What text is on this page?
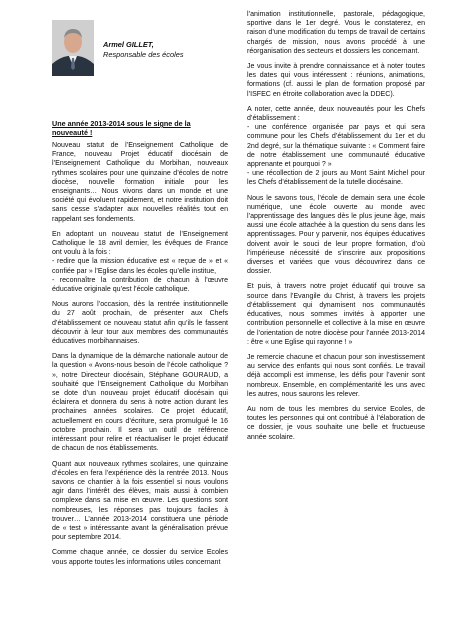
Armel GILLET,
Responsable des écoles
Une année 2013-2014 sous le signe de la nouveauté !

Nouveau statut de l’Enseignement Catholique de France, nouveau Projet éducatif diocésain de l’Enseignement Catholique du Morbihan, nouveaux rythmes scolaires pour une quinzaine d’écoles de notre diocèse, nouvelle formation initiale pour les enseignants… Nous vivons dans un monde et une société qui évoluent rapidement, et notre institution doit sans cesse s’adapter aux nouvelles réalités tout en rappelant ses fondements.

En adoptant un nouveau statut de l’Enseignement Catholique le 18 avril dernier, les évêques de France ont voulu à la fois :

- redire que la mission éducative est « reçue de » et « confiée par » l’Eglise dans les écoles qu’elle institue,
- reconnaître la contribution de chacun à l’œuvre éducative originale qu’est l’école catholique.

Nous aurons l’occasion, dès la rentrée institutionnelle du 27 août prochain, de présenter aux Chefs d’établissement ce nouveau statut afin qu’ils le fassent découvrir à leur tour aux membres des communautés éducatives morbihannaises.

Dans la dynamique de la démarche nationale autour de la question « Avons-nous besoin de l’école catholique ? », notre Directeur diocésain, Stéphane GOURAUD, a souhaité que l’Enseignement Catholique du Morbihan se dote d’un nouveau projet éducatif diocésain qui éclairera et donnera du sens à notre action durant les prochaines années scolaires. Ce projet éducatif, actuellement en cours d’écriture, sera promulgué le 16 octobre prochain. Il sera un outil de référence intéressant pour relire et réactualiser le projet éducatif de chacun de nos établissements.

Quant aux nouveaux rythmes scolaires, une quinzaine d’écoles en fera l’expérience dès la rentrée 2013. Nous savons ce chantier à la fois essentiel si nous voulons agir dans l’intérêt des élèves, mais aussi à combien complexe dans sa mise en œuvre. Les questions sont nombreuses, les réponses pas toujours faciles à trouver… L’année 2013-2014 constituera une période de « test » intéressante avant la généralisation prévue pour septembre 2014.

Comme chaque année, ce dossier du service Ecoles vous apporte toutes les informations utiles concernant

l’animation institutionnelle, pastorale, pédagogique, sportive dans le 1er degré. Vous le constaterez, en raison d’une modification du temps de travail de certains chargés de mission, nous avons procédé à une réorganisation des secteurs et dossiers les concernant.

Je vous invite à prendre connaissance et à noter toutes les dates qui vous intéressent : réunions, animations, formations (cf. aussi le plan de formation proposé par l’ISFEC en étroite collaboration avec la DDEC).

A noter, cette année, deux nouveautés pour les Chefs d’établissement :

- une conférence organisée par pays et qui sera commune pour les Chefs d’établissement du 1er et du 2nd degré, sur la thématique suivante : « Comment faire de notre établissement une communauté éducative apprenante et pourquoi ? »
- une récollection de 2 jours au Mont Saint Michel pour les Chefs d’établissement de la tutelle diocésaine.

Nous le savons tous, l’école de demain sera une école numérique, une école ouverte au monde avec l’apprentissage des langues dès le plus jeune âge, mais aussi une école attachée à la question du sens dans les apprentissages. Pour y parvenir, nos équipes éducatives doivent avoir le souci de leur propre formation, d’où l’impérieuse nécessité de s’inscrire aux propositions diverses et variées que vous découvrirez dans ce dossier.

Et puis, à travers notre projet éducatif qui trouve sa source dans l’Evangile du Christ, à travers les projets d’établissement qui dynamisent nos communautés éducatives, nous sommes invités à apporter une contribution personnelle et collective à la mise en œuvre de l’orientation de notre diocèse pour l’année 2013-2014 : être « une Eglise qui rayonne ! »

Je remercie chacune et chacun pour son investissement au service des enfants qui nous sont confiés. Le travail déjà accompli est immense, les défis pour l’avenir sont nombreux. Ensemble, en complémentarité les uns avec les autres, nous saurons les relever.

Au nom de tous les membres du service Ecoles, de toutes les personnes qui ont contribué à l’élaboration de ce dossier, je vous souhaite une belle et fructueuse année scolaire.
